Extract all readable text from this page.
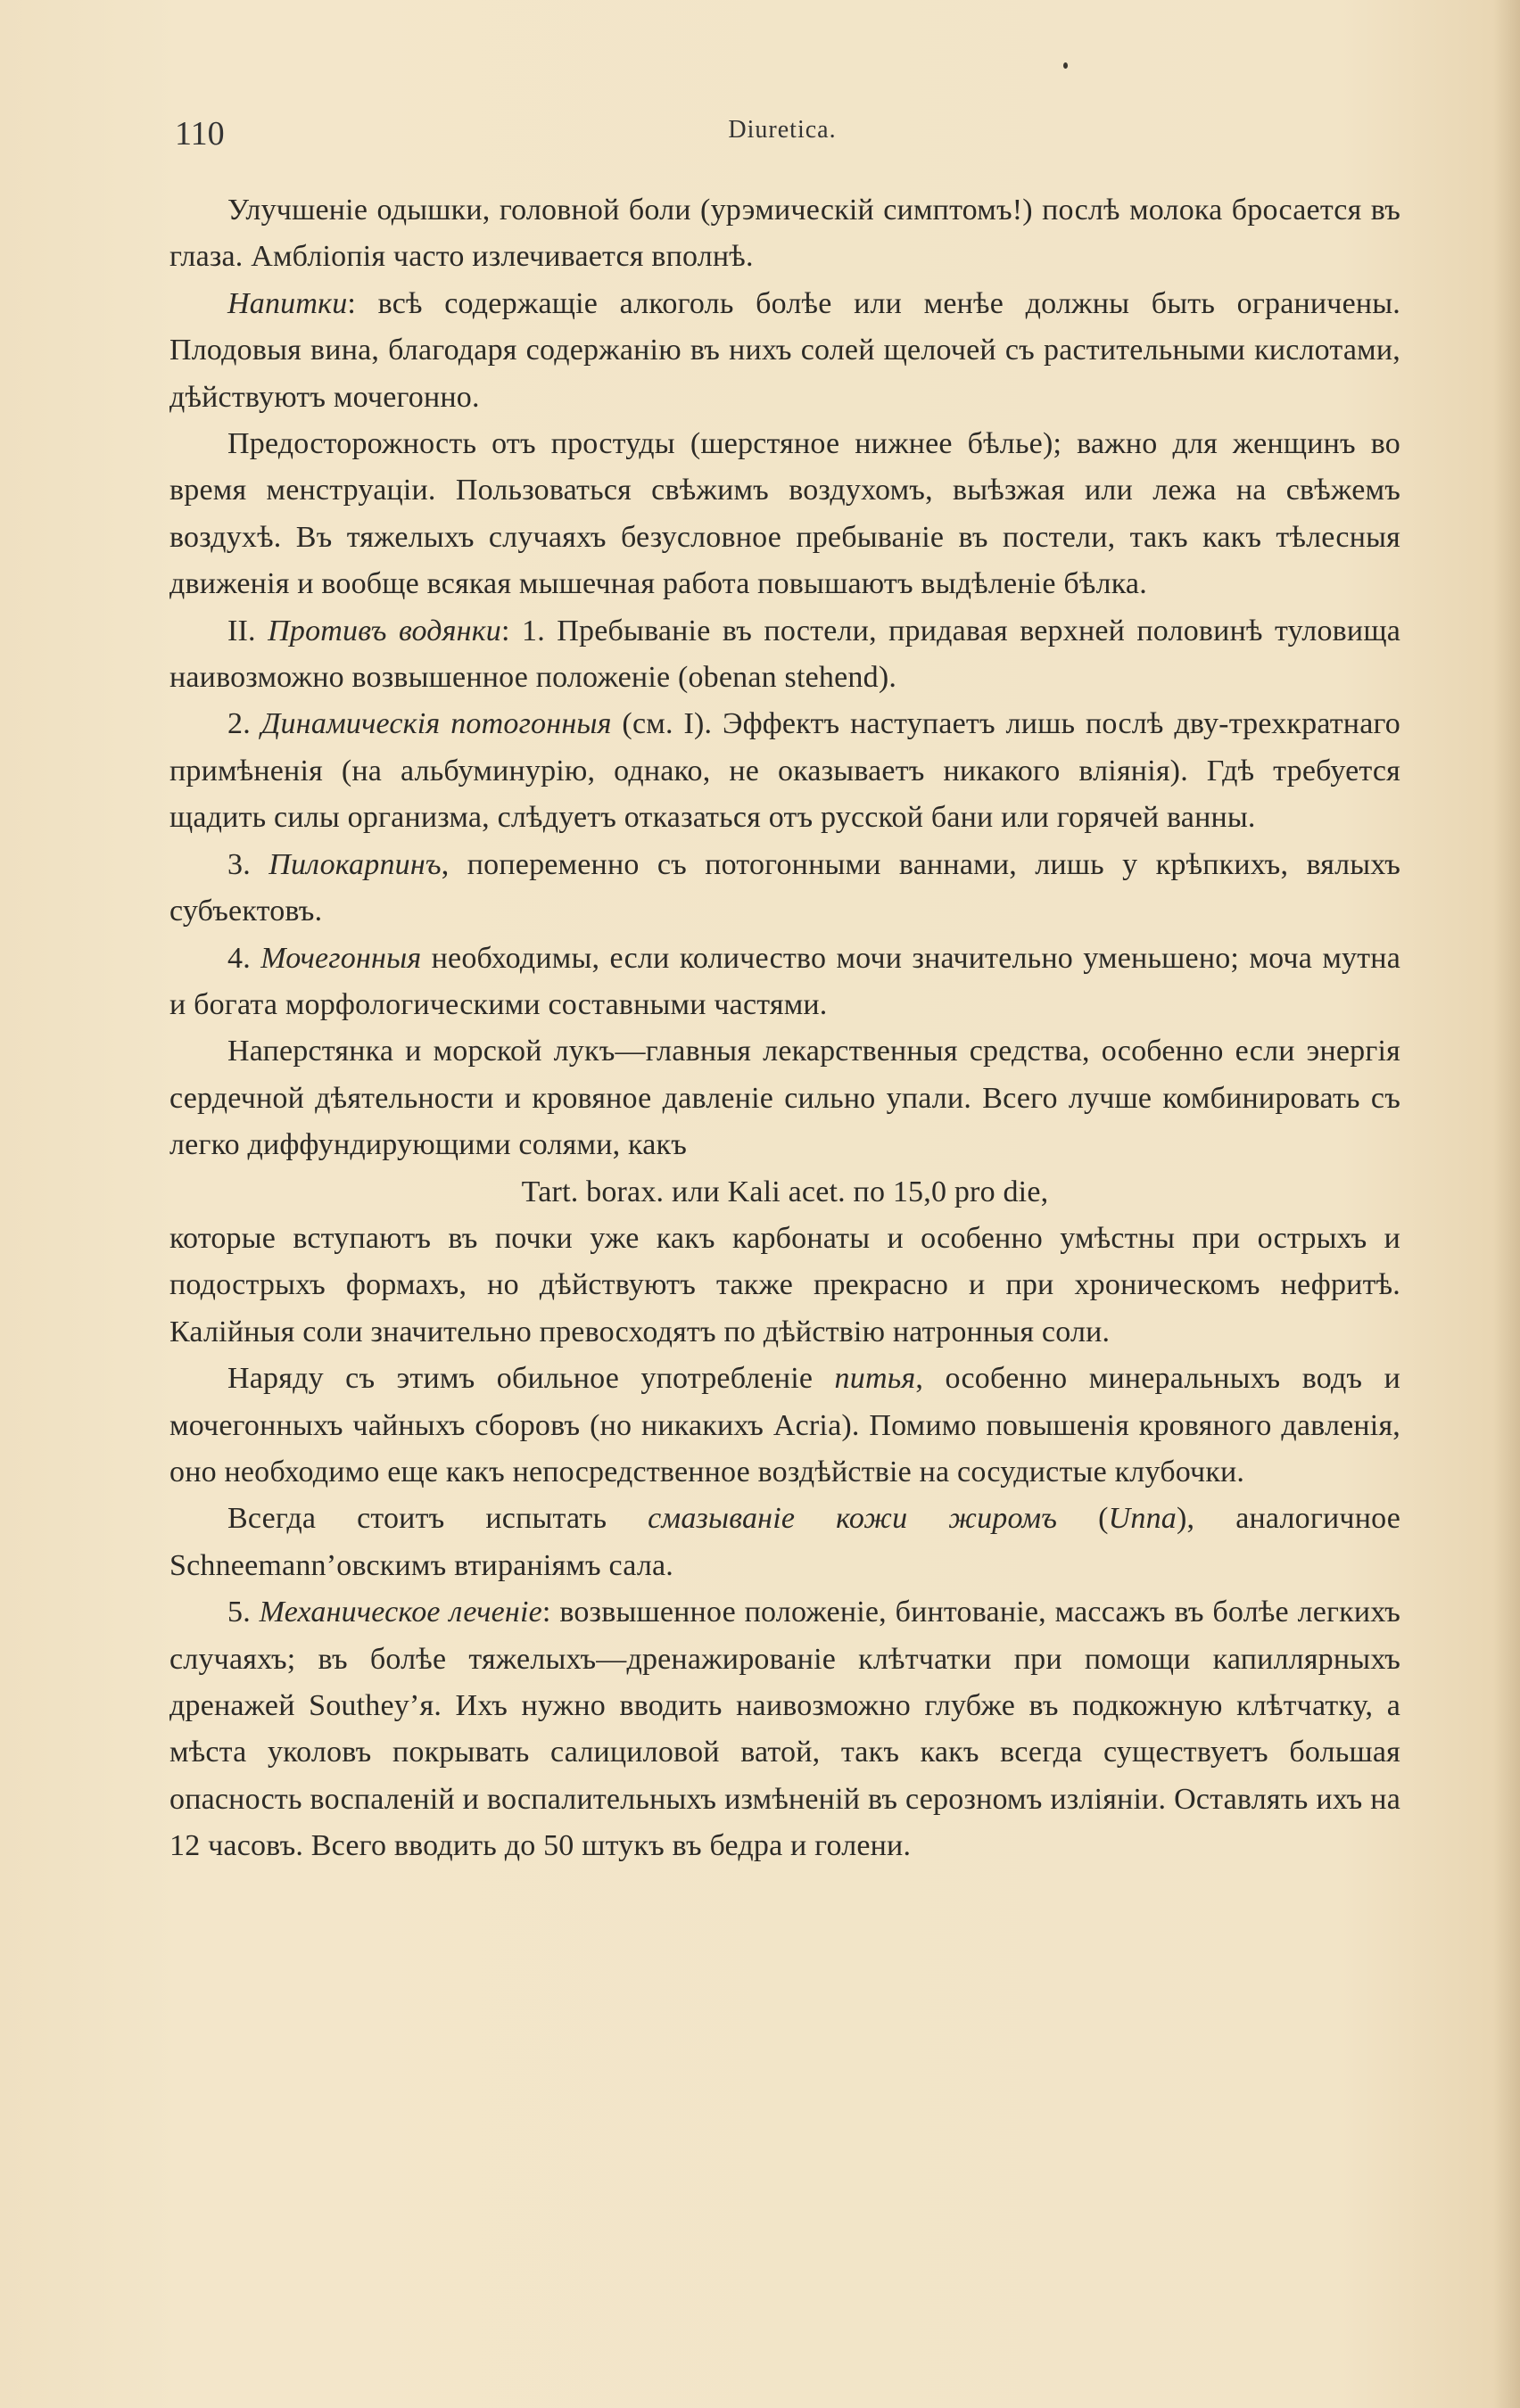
110	Diuretica.

Улучшеніе одышки, головной боли (урэмическій симптомъ!) послѣ молока бросается въ глаза. Амбліопія часто излечивается вполнѣ.

Напитки: всѣ содержащіе алкоголь болѣе или менѣе должны быть ограничены. Плодовыя вина, благодаря содержанію въ нихъ солей щелочей съ растительными кислотами, дѣйствуютъ мочегонно.

Предосторожность отъ простуды (шерстяное нижнее бѣлье); важно для женщинъ во время менструаціи. Пользоваться свѣжимъ воздухомъ, выѣзжая или лежа на свѣжемъ воздухѣ. Въ тяжелыхъ случаяхъ безусловное пребываніе въ постели, такъ какъ тѣлесныя движенія и вообще всякая мышечная работа повышаютъ выдѣленіе бѣлка.

II. Противъ водянки: 1. Пребываніе въ постели, придавая верхней половинѣ туловища наивозможно возвышенное положеніе (obenan stehend).

2. Динамическія потогонныя (см. I). Эффектъ наступаетъ лишь послѣ дву-трехкратнаго примѣненія (на альбуминурію, однако, не оказываетъ никакого вліянія). Гдѣ требуется щадить силы организма, слѣдуетъ отказаться отъ русской бани или горячей ванны.

3. Пилокарпинъ, попеременно съ потогонными ваннами, лишь у крѣпкихъ, вялыхъ субъектовъ.

4. Мочегонныя необходимы, если количество мочи значительно уменьшено; моча мутна и богата морфологическими составными частями.

Наперстянка и морской лукъ—главныя лекарственныя средства, особенно если энергія сердечной дѣятельности и кровяное давленіе сильно упали. Всего лучше комбинировать съ легко диффундирующими солями, какъ

Tart. borax. или Kali acet. по 15,0 pro die,

которые вступаютъ въ почки уже какъ карбонаты и особенно умѣстны при острыхъ и подострыхъ формахъ, но дѣйствуютъ также прекрасно и при хроническомъ нефритѣ. Калійныя соли значительно превосходятъ по дѣйствію натронныя соли.

Наряду съ этимъ обильное употребленіе питья, особенно минеральныхъ водъ и мочегонныхъ чайныхъ сборовъ (но никакихъ Acria). Помимо повышенія кровяного давленія, оно необходимо еще какъ непосредственное воздѣйствіе на сосудистые клубочки.

Всегда стоитъ испытать смазываніе кожи жиромъ (Unna), аналогичное Schneemann’овскимъ втираніямъ сала.

5. Механическое леченіе: возвышенное положеніе, бинтованіе, массажъ въ болѣе легкихъ случаяхъ; въ болѣе тяжелыхъ—дренажированіе клѣтчатки при помощи капиллярныхъ дренажей Southey’я. Ихъ нужно вводить наивозможно глубже въ подкожную клѣтчатку, а мѣста уколовъ покрывать салициловой ватой, такъ какъ всегда существуетъ большая опасность воспаленій и воспалительныхъ измѣненій въ серозномъ изліяніи. Оставлять ихъ на 12 часовъ. Всего вводить до 50 штукъ въ бедра и голени.
